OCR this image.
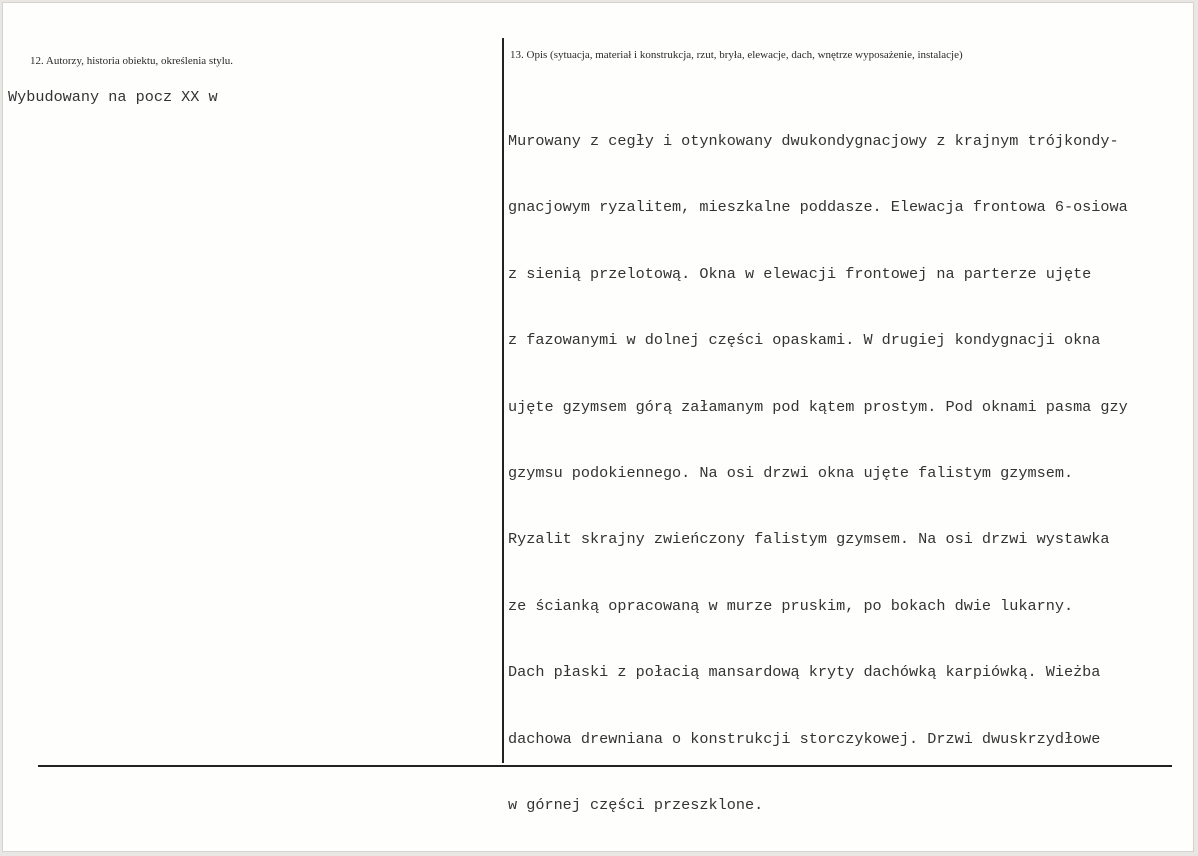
12. Autorzy, historia obiektu, określenia stylu.	13. Opis (sytuacja, materiał i konstrukcja, rzut, bryła, elewacje, dach, wnętrze wyposażenie, instalacje)
Wybudowany na pocz XX w

Murowany z cegły i otynkowany dwukondygnacjowy z krajnym trójkondy-

gnacjowym ryzalitem, mieszkalne poddasze. Elewacja frontowa 6-osiowa

z sienią przelotową. Okna w elewacji frontowej na parterze ujęte

z fazowanymi w dolnej części opaskami. W drugiej kondygnacji okna

ujęte gzymsem górą załamanym pod kątem prostym. Pod oknami pasma gzy

gzymsu podokiennego. Na osi drzwi okna ujęte falistym gzymsem.

Ryzalit skrajny zwieńczony falistym gzymsem. Na osi drzwi wystawka

ze ścianką opracowaną w murze pruskim, po bokach dwie lukarny.

Dach płaski z połacią mansardową kryty dachówką karpiówką. Wieżba

dachowa drewniana o konstrukcji storczykowej. Drzwi dwuskrzydłowe

w górnej części przeszklone.
